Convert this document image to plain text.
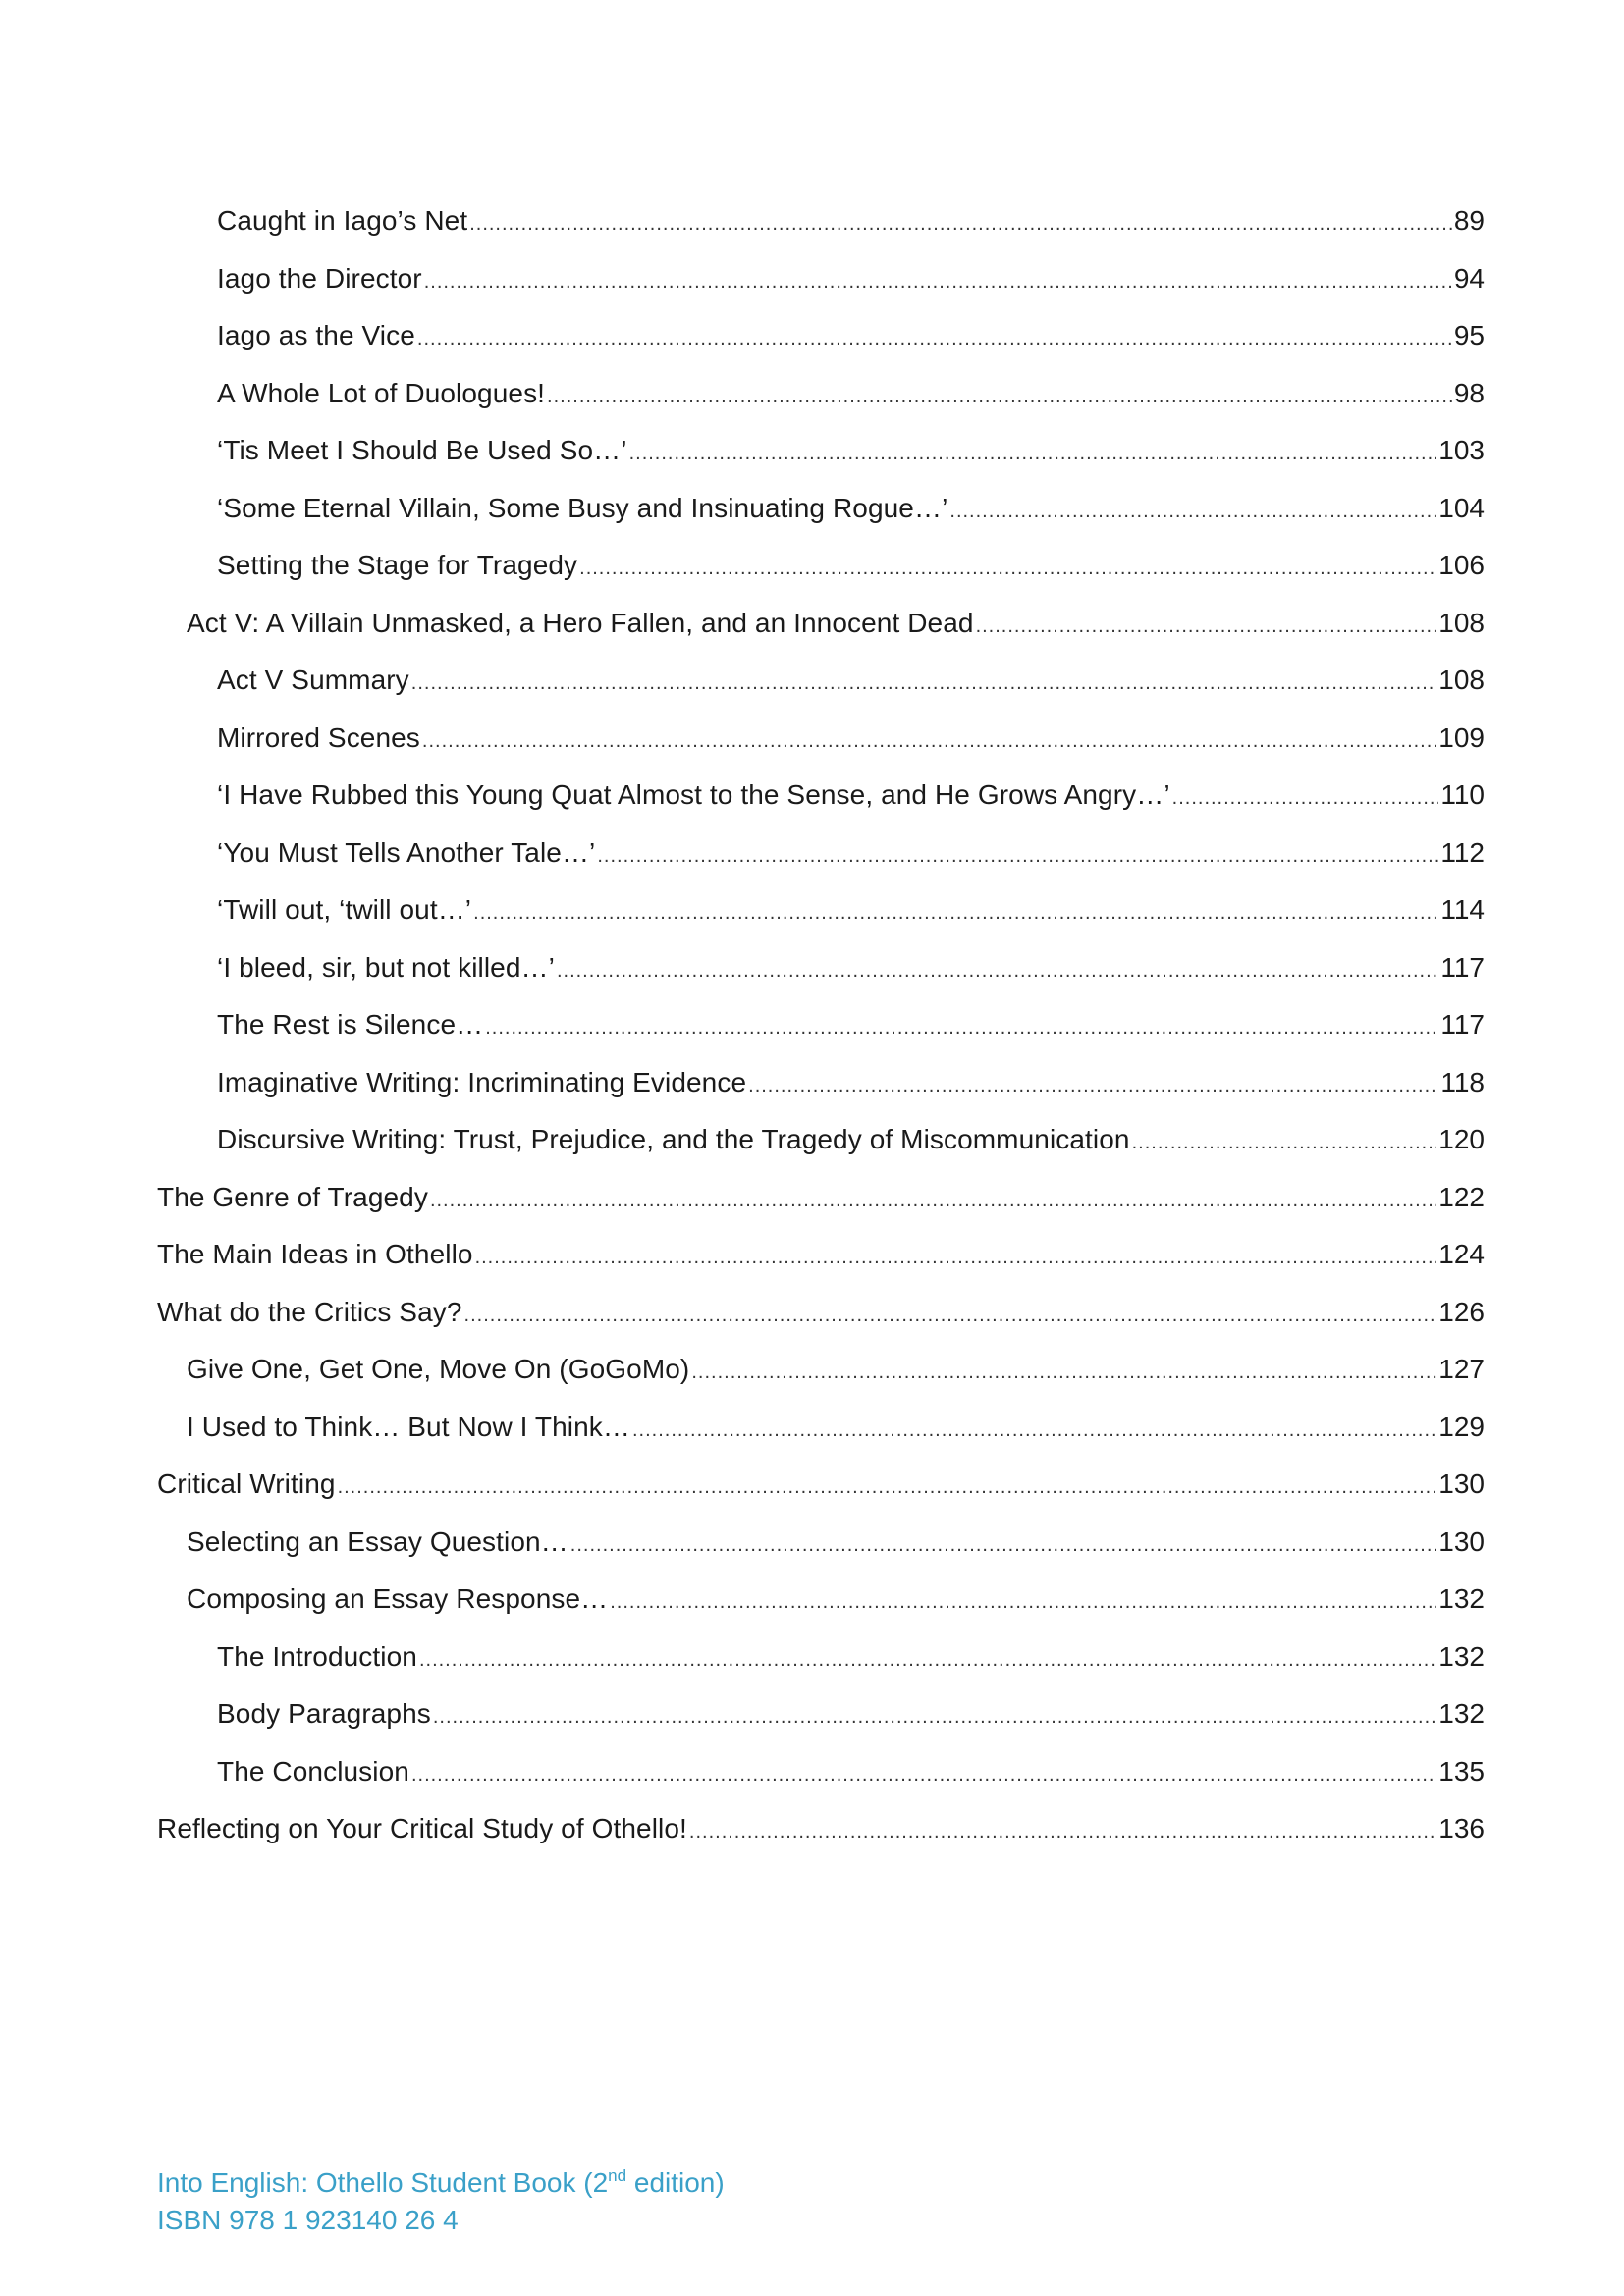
Caught in Iago’s Net .....	89
Iago the Director .....	94
Iago as the Vice .....	95
A Whole Lot of Duologues! .....	98
‘Tis Meet I Should Be Used So…’ .....	103
‘Some Eternal Villain, Some Busy and Insinuating Rogue…’ .....	104
Setting the Stage for Tragedy .....	106
Act V: A Villain Unmasked, a Hero Fallen, and an Innocent Dead .....	108
Act V Summary .....	108
Mirrored Scenes .....	109
‘I Have Rubbed this Young Quat Almost to the Sense, and He Grows Angry…’ .....	110
‘You Must Tells Another Tale…’ .....	112
‘Twill out, ‘twill out…’ .....	114
‘I bleed, sir, but not killed…’ .....	117
The Rest is Silence… .....	117
Imaginative Writing: Incriminating Evidence .....	118
Discursive Writing: Trust, Prejudice, and the Tragedy of Miscommunication .....	120
The Genre of Tragedy .....	122
The Main Ideas in Othello .....	124
What do the Critics Say? .....	126
Give One, Get One, Move On (GoGoMo) .....	127
I Used to Think… But Now I Think… .....	129
Critical Writing .....	130
Selecting an Essay Question… .....	130
Composing an Essay Response… .....	132
The Introduction .....	132
Body Paragraphs .....	132
The Conclusion .....	135
Reflecting on Your Critical Study of Othello! .....	136
Into English: Othello Student Book (2nd edition)
ISBN 978 1 923140 26 4
